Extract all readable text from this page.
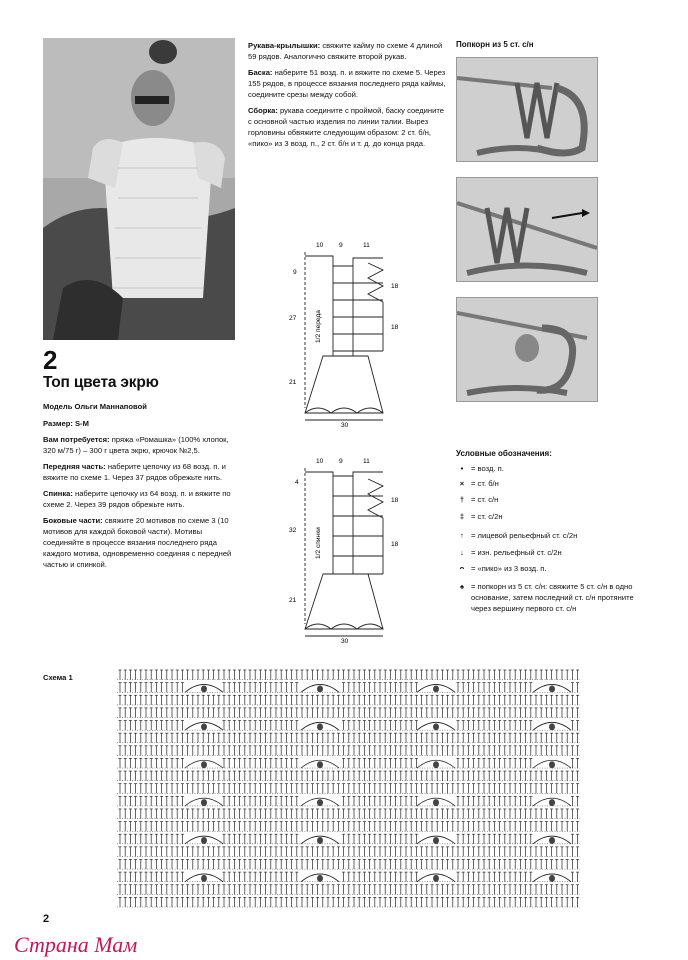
2
Топ цвета экрю
Модель Ольги Маннаповой
Размер: S-M
Вам потребуется: пряжа «Ромашка» (100% хлопок, 320 м/75 г) – 300 г цвета экрю, крючок №2,5.
Передняя часть: наберите цепочку из 68 возд. п. и вяжите по схеме 1. Через 37 рядов обрежьте нить.
Спинка: наберите цепочку из 64 возд. п. и вяжите по схеме 2. Через 39 рядов обрежьте нить.
Боковые части: свяжите 20 мотивов по схеме 3 (10 мотивов для каждой боковой части). Мотивы соединяйте в процессе вязания последнего ряда каждого мотива, одновременно соединяя с передней частью и спинкой.
Рукава-крылышки: свяжите кайму по схеме 4 длиной 59 рядов. Аналогично свяжите второй рукав.
Баска: наберите 51 возд. п. и вяжите по схеме 5. Через 155 рядов, в процессе вязания последнего ряда каймы, соедините срезы между собой.
Сборка: рукава соедините с проймой, баску соедините с основной частью изделия по линии талии. Вырез горловины обвяжите следующим образом: 2 ст. б/н, «пико» из 3 возд. п., 2 ст. б/н и т. д. до конца ряда.
10 9	11
9
27
21
18
18
30
1/2 переда
10 9	11
4
32
21
18
18
30
1/2 спинки
Попкорн из 5 ст. с/н
Условные обозначения:
•	= возд. п.
× = ст. б/н
† = ст. с/н
‡ = ст. с/2н
↑ = лицевой рельефный ст. с/2н
↓ = изн. рельефный ст. с/2н
ᴖ = «пико» из 3 возд. п.
♠ = попкорн из 5 ст. с/н: свяжите 5 ст. с/н в одно основание, затем последний ст. с/н протяните через вершину первого ст. с/н
Схема 1
2
Страна Мам
